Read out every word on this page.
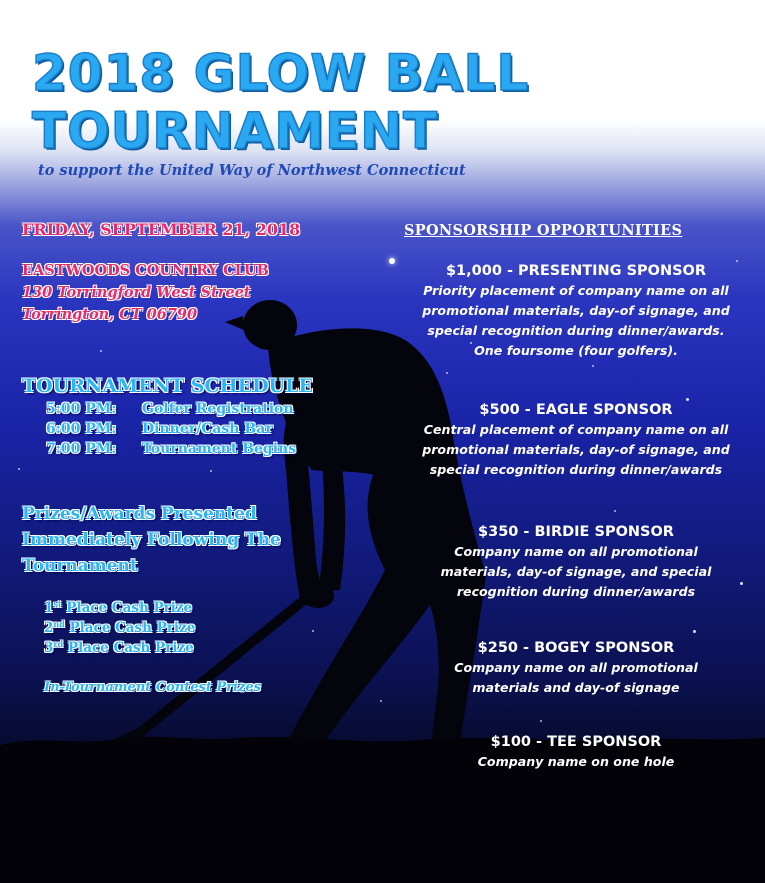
2018 GLOW BALL
TOURNAMENT

to support the United Way of Northwest Connecticut

FRIDAY, SEPTEMBER 21, 2018

EASTWOODS COUNTRY CLUB

130 Torringford West Street

Torrington, CT 06790

TOURNAMENT SCHEDULE

5:00 PM: Golfer Registration
6:00 PM: Dinner/Cash Bar
7:00 PM: Tournament Begins

Prizes/Awards Presented

Immediately Following The

Tournament

1st Place Cash Prize

2nd Place Cash Prize

3rd Place Cash Prize

In-Tournament Contest Prizes

SPONSORSHIP OPPORTUNITIES

$1,000 - PRESENTING SPONSOR
Priority placement of company name on all
promotional materials, day-of signage, and
special recognition during dinner/awards.
One foursome (four golfers).
$500 - EAGLE SPONSOR
Central placement of company name on all
promotional materials, day-of signage, and
special recognition during dinner/awards
$350 - BIRDIE SPONSOR
Company name on all promotional
materials, day-of signage, and special
recognition during dinner/awards
$250 - BOGEY SPONSOR
Company name on all promotional
materials and day-of signage
$100 - TEE SPONSOR
Company name on one hole
